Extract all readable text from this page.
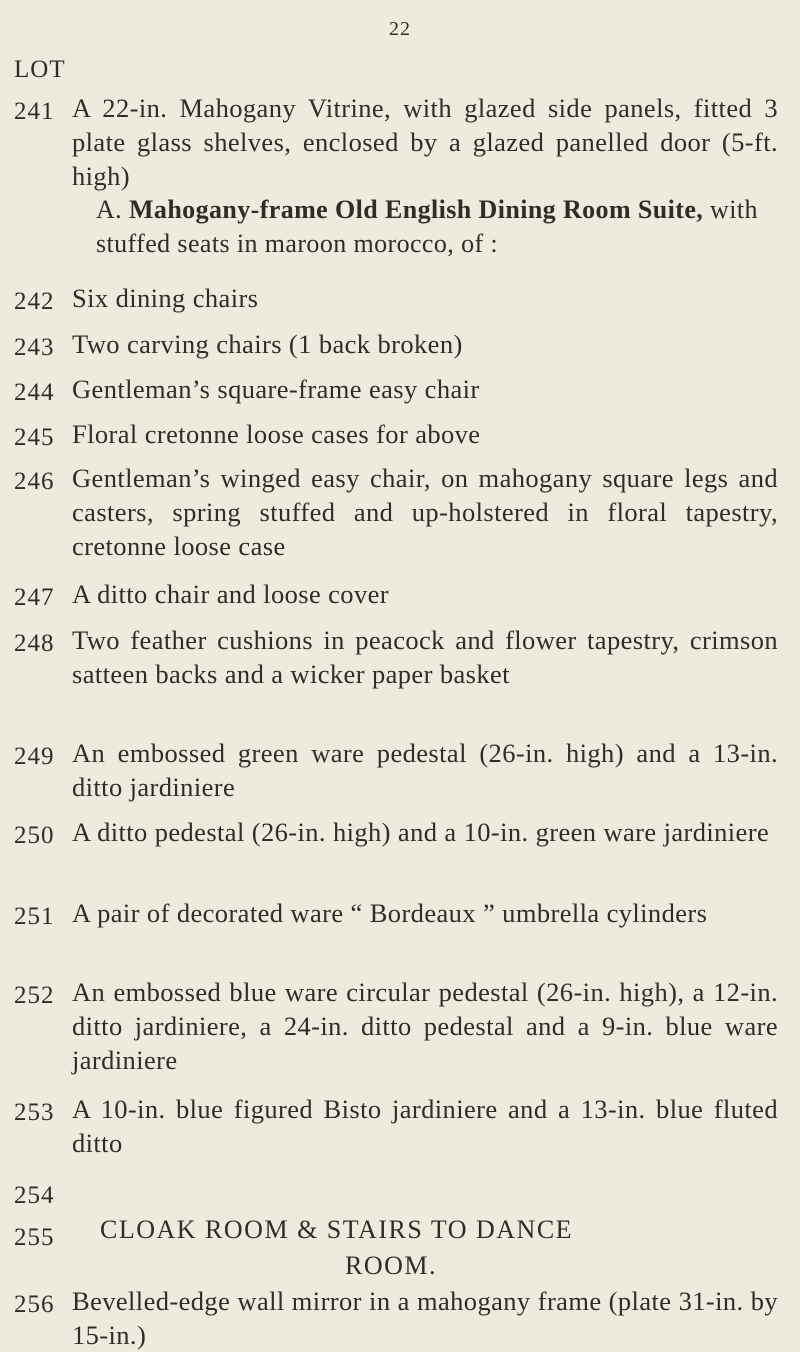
22
LOT
241 A 22-in. Mahogany Vitrine, with glazed side panels, fitted 3 plate glass shelves, enclosed by a glazed panelled door (5-ft. high)
A. Mahogany-frame Old English Dining Room Suite, with stuffed seats in maroon morocco, of :
242 Six dining chairs
243 Two carving chairs (1 back broken)
244 Gentleman’s square-frame easy chair
245 Floral cretonne loose cases for above
246 Gentleman’s winged easy chair, on mahogany square legs and casters, spring stuffed and up-holstered in floral tapestry, cretonne loose case
247 A ditto chair and loose cover
248 Two feather cushions in peacock and flower tapestry, crimson satteen backs and a wicker paper basket
249 An embossed green ware pedestal (26-in. high) and a 13-in. ditto jardiniere
250 A ditto pedestal (26-in. high) and a 10-in. green ware jardiniere
251 A pair of decorated ware “ Bordeaux ” umbrella cylinders
252 An embossed blue ware circular pedestal (26-in. high), a 12-in. ditto jardiniere, a 24-in. ditto pedestal and a 9-in. blue ware jardiniere
253 A 10-in. blue figured Bisto jardiniere and a 13-in. blue fluted ditto
254
255 CLOAK ROOM & STAIRS TO DANCE
ROOM.
256 Bevelled-edge wall mirror in a mahogany frame (plate 31-in. by 15-in.)
